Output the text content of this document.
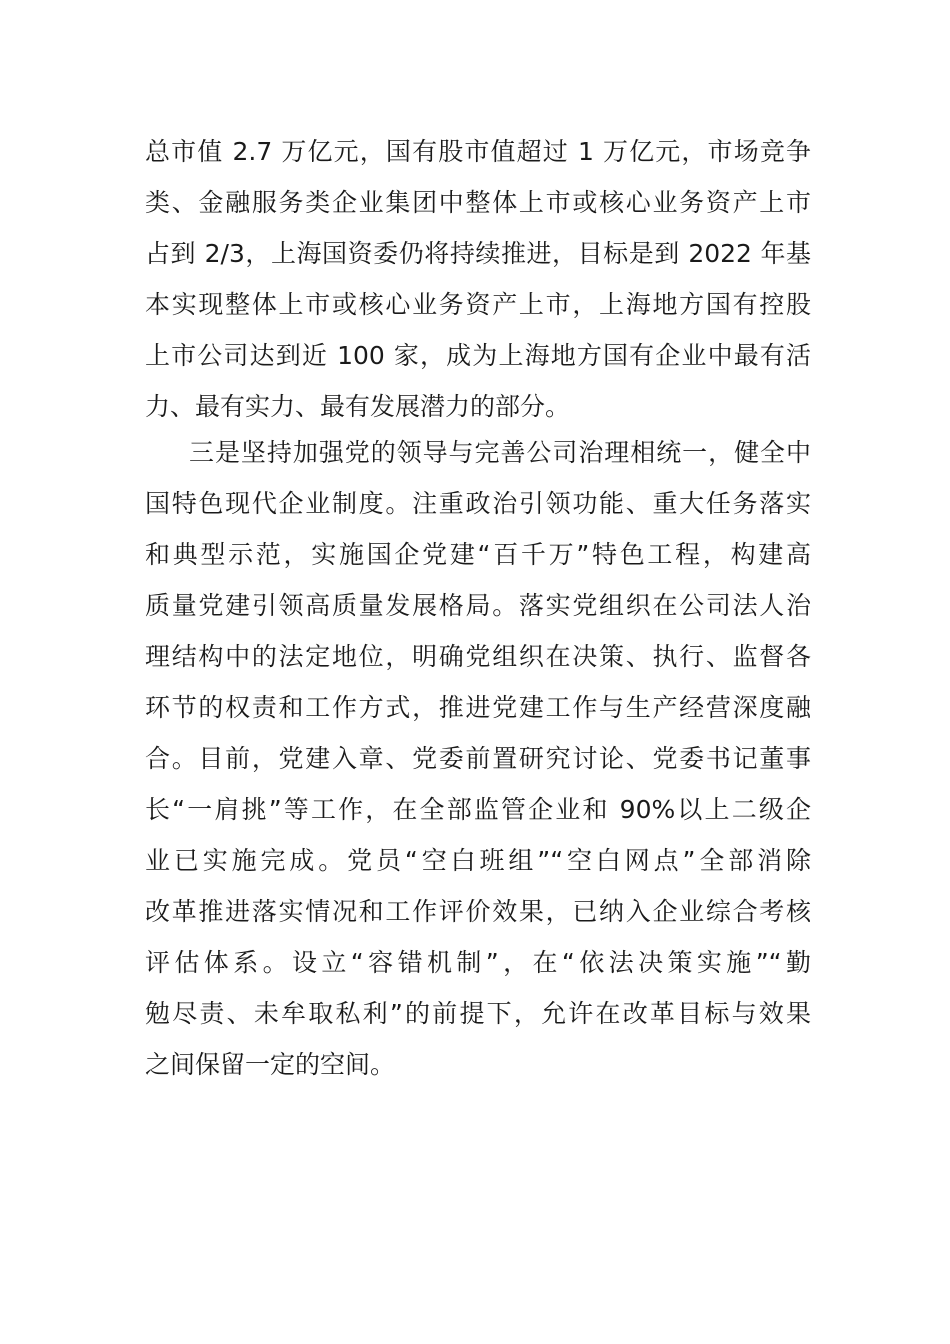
总市值 2.7 万亿元，国有股市值超过 1 万亿元，市场竞争
类、金融服务类企业集团中整体上市或核心业务资产上市
占到 2/3，上海国资委仍将持续推进，目标是到 2022 年基
本实现整体上市或核心业务资产上市，上海地方国有控股
上市公司达到近 100 家，成为上海地方国有企业中最有活
力、最有实力、最有发展潜力的部分。
三是坚持加强党的领导与完善公司治理相统一，健全中
国特色现代企业制度。注重政治引领功能、重大任务落实
和典型示范，实施国企党建“百千万”特色工程，构建高
质量党建引领高质量发展格局。落实党组织在公司法人治
理结构中的法定地位，明确党组织在决策、执行、监督各
环节的权责和工作方式，推进党建工作与生产经营深度融
合。目前，党建入章、党委前置研究讨论、党委书记董事
长“一肩挑”等工作，在全部监管企业和 90%以上二级企
业已实施完成。党员“空白班组”“空白网点”全部消除
改革推进落实情况和工作评价效果，已纳入企业综合考核
评估体系。设立“容错机制”，在“依法决策实施”“勤
勉尽责、未牟取私利”的前提下，允许在改革目标与效果
之间保留一定的空间。
